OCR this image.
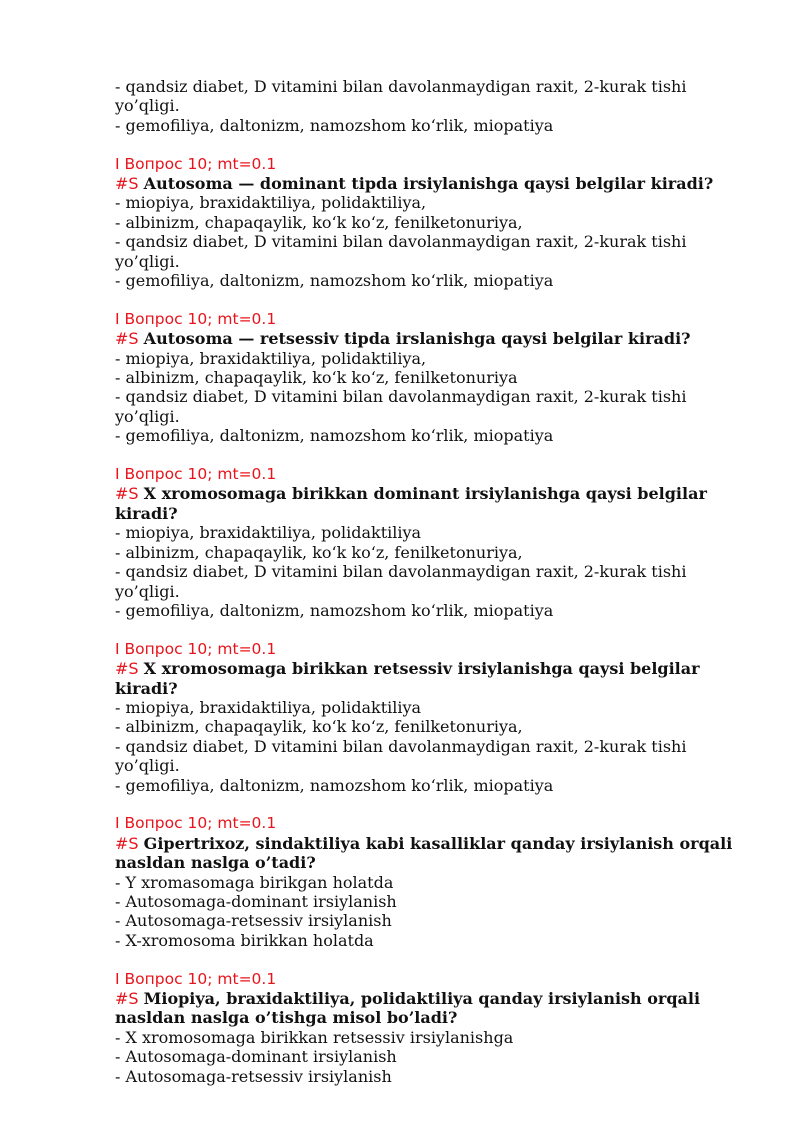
- qandsiz diabet, D vitamini bilan davolanmaydigan raxit, 2-kurak tishi yo’qligi.
- gemofiliya, daltonizm, namozshom ko‘rlik, miopatiya
I Вопрос 10; mt=0.1
#S Autosoma — dominant tipda irsiylanishga qaysi belgilar kiradi?
- miopiya, braxidaktiliya, polidaktiliya,
- albinizm, chapaqaylik, ko‘k ko‘z, fenilketonuriya,
- qandsiz diabet, D vitamini bilan davolanmaydigan raxit, 2-kurak tishi yo’qligi.
- gemofiliya, daltonizm, namozshom ko‘rlik, miopatiya
I Вопрос 10; mt=0.1
#S Autosoma — retsessiv tipda irslanishga qaysi belgilar kiradi?
- miopiya, braxidaktiliya, polidaktiliya,
- albinizm, chapaqaylik, ko‘k ko‘z, fenilketonuriya
- qandsiz diabet, D vitamini bilan davolanmaydigan raxit, 2-kurak tishi yo’qligi.
- gemofiliya, daltonizm, namozshom ko‘rlik, miopatiya
I Вопрос 10; mt=0.1
#S X xromosomaga birikkan dominant irsiylanishga qaysi belgilar kiradi?
- miopiya, braxidaktiliya, polidaktiliya
- albinizm, chapaqaylik, ko‘k ko‘z, fenilketonuriya,
- qandsiz diabet, D vitamini bilan davolanmaydigan raxit, 2-kurak tishi yo’qligi.
- gemofiliya, daltonizm, namozshom ko‘rlik, miopatiya
I Вопрос 10; mt=0.1
#S X xromosomaga birikkan retsessiv irsiylanishga qaysi belgilar kiradi?
- miopiya, braxidaktiliya, polidaktiliya
- albinizm, chapaqaylik, ko‘k ko‘z, fenilketonuriya,
- qandsiz diabet, D vitamini bilan davolanmaydigan raxit, 2-kurak tishi yo’qligi.
- gemofiliya, daltonizm, namozshom ko‘rlik, miopatiya
I Вопрос 10; mt=0.1
#S Gipertrixoz, sindaktiliya kabi kasalliklar qanday irsiylanish orqali nasldan naslga o’tadi?
- Y xromasomaga birikgan holatda
- Autosomaga-dominant irsiylanish
- Autosomaga-retsessiv irsiylanish
- X-xromosoma birikkan holatda
I Вопрос 10; mt=0.1
#S Miopiya, braxidaktiliya, polidaktiliya qanday irsiylanish orqali nasldan naslga o’tishga misol bo’ladi?
- X xromosomaga birikkan retsessiv irsiylanishga
- Autosomaga-dominant irsiylanish
- Autosomaga-retsessiv irsiylanish
